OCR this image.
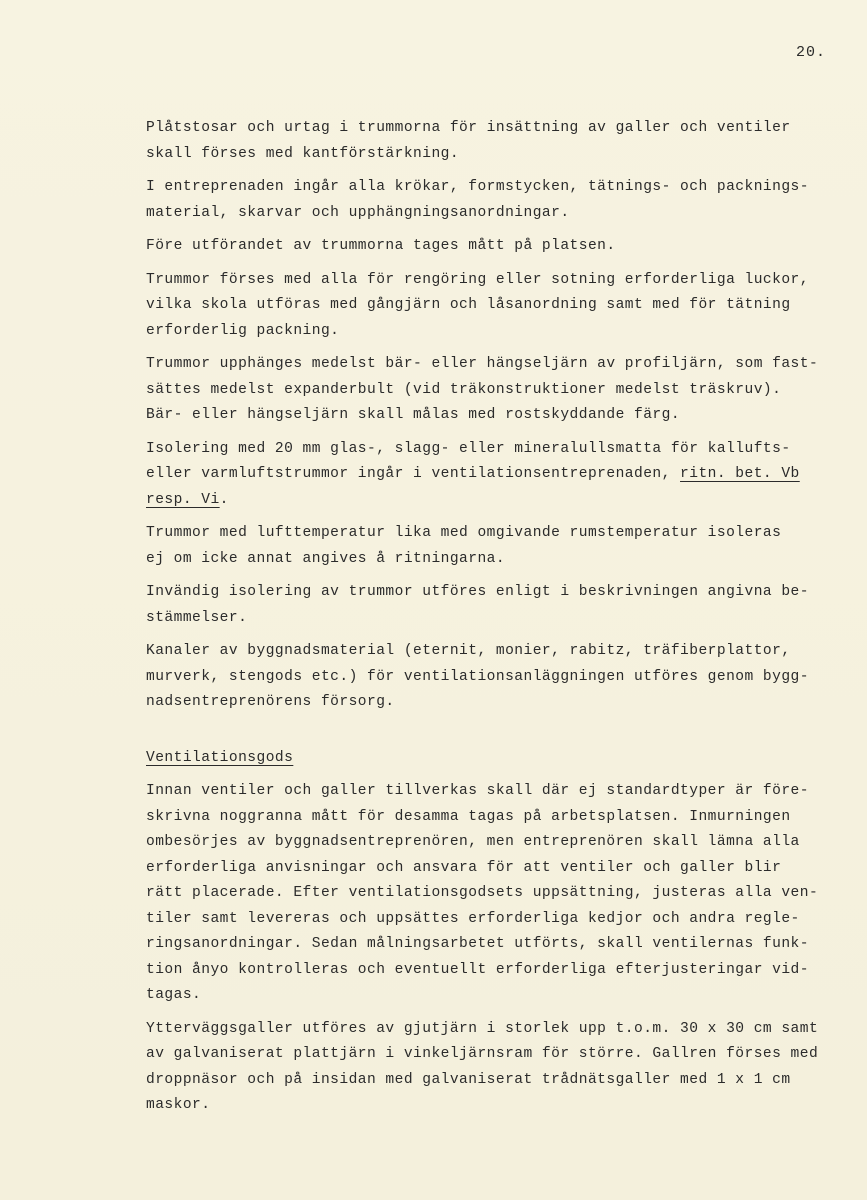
20.

Plåtstosar och urtag i trummorna för insättning av galler och ventiler
skall förses med kantförstärkning.

I entreprenaden ingår alla krökar, formstycken, tätnings- och packnings-
material, skarvar och upphängningsanordningar.

Före utförandet av trummorna tages mått på platsen.

Trummor förses med alla för rengöring eller sotning erforderliga luckor,
vilka skola utföras med gångjärn och låsanordning samt med för tätning
erforderlig packning.

Trummor upphänges medelst bär- eller hängseljärn av profiljärn, som fast-
sättes medelst expanderbult (vid träkonstruktioner medelst träskruv).
Bär- eller hängseljärn skall målas med rostskyddande färg.

Isolering med 20 mm glas-, slagg- eller mineralullsmatta för kallufts-
eller varmluftstrummor ingår i ventilationsentreprenaden, ritn. bet. Vb
resp. Vi.

Trummor med lufttemperatur lika med omgivande rumstemperatur isoleras
ej om icke annat angives å ritningarna.

Invändig isolering av trummor utföres enligt i beskrivningen angivna be-
stämmelser.

Kanaler av byggnadsmaterial (eternit, monier, rabitz, träfiberplattor,
murverk, stengods etc.) för ventilationsanläggningen utföres genom bygg-
nadsentreprenörens försorg.

Ventilationsgods

Innan ventiler och galler tillverkas skall där ej standardtyper är före-
skrivna noggranna mått för desamma tagas på arbetsplatsen. Inmurningen
ombesörjes av byggnadsentreprenören, men entreprenören skall lämna alla
erforderliga anvisningar och ansvara för att ventiler och galler blir
rätt placerade. Efter ventilationsgodsets uppsättning, justeras alla ven-
tiler samt levereras och uppsättes erforderliga kedjor och andra regle-
ringsanordningar. Sedan målningsarbetet utförts, skall ventilernas funk-
tion ånyo kontrolleras och eventuellt erforderliga efterjusteringar vid-
tagas.

Ytterväggsgaller utföres av gjutjärn i storlek upp t.o.m. 30 x 30 cm samt
av galvaniserat plattjärn i vinkeljärnsram för större. Gallren förses med
droppnäsor och på insidan med galvaniserat trådnätsgaller med 1 x 1 cm
maskor.
